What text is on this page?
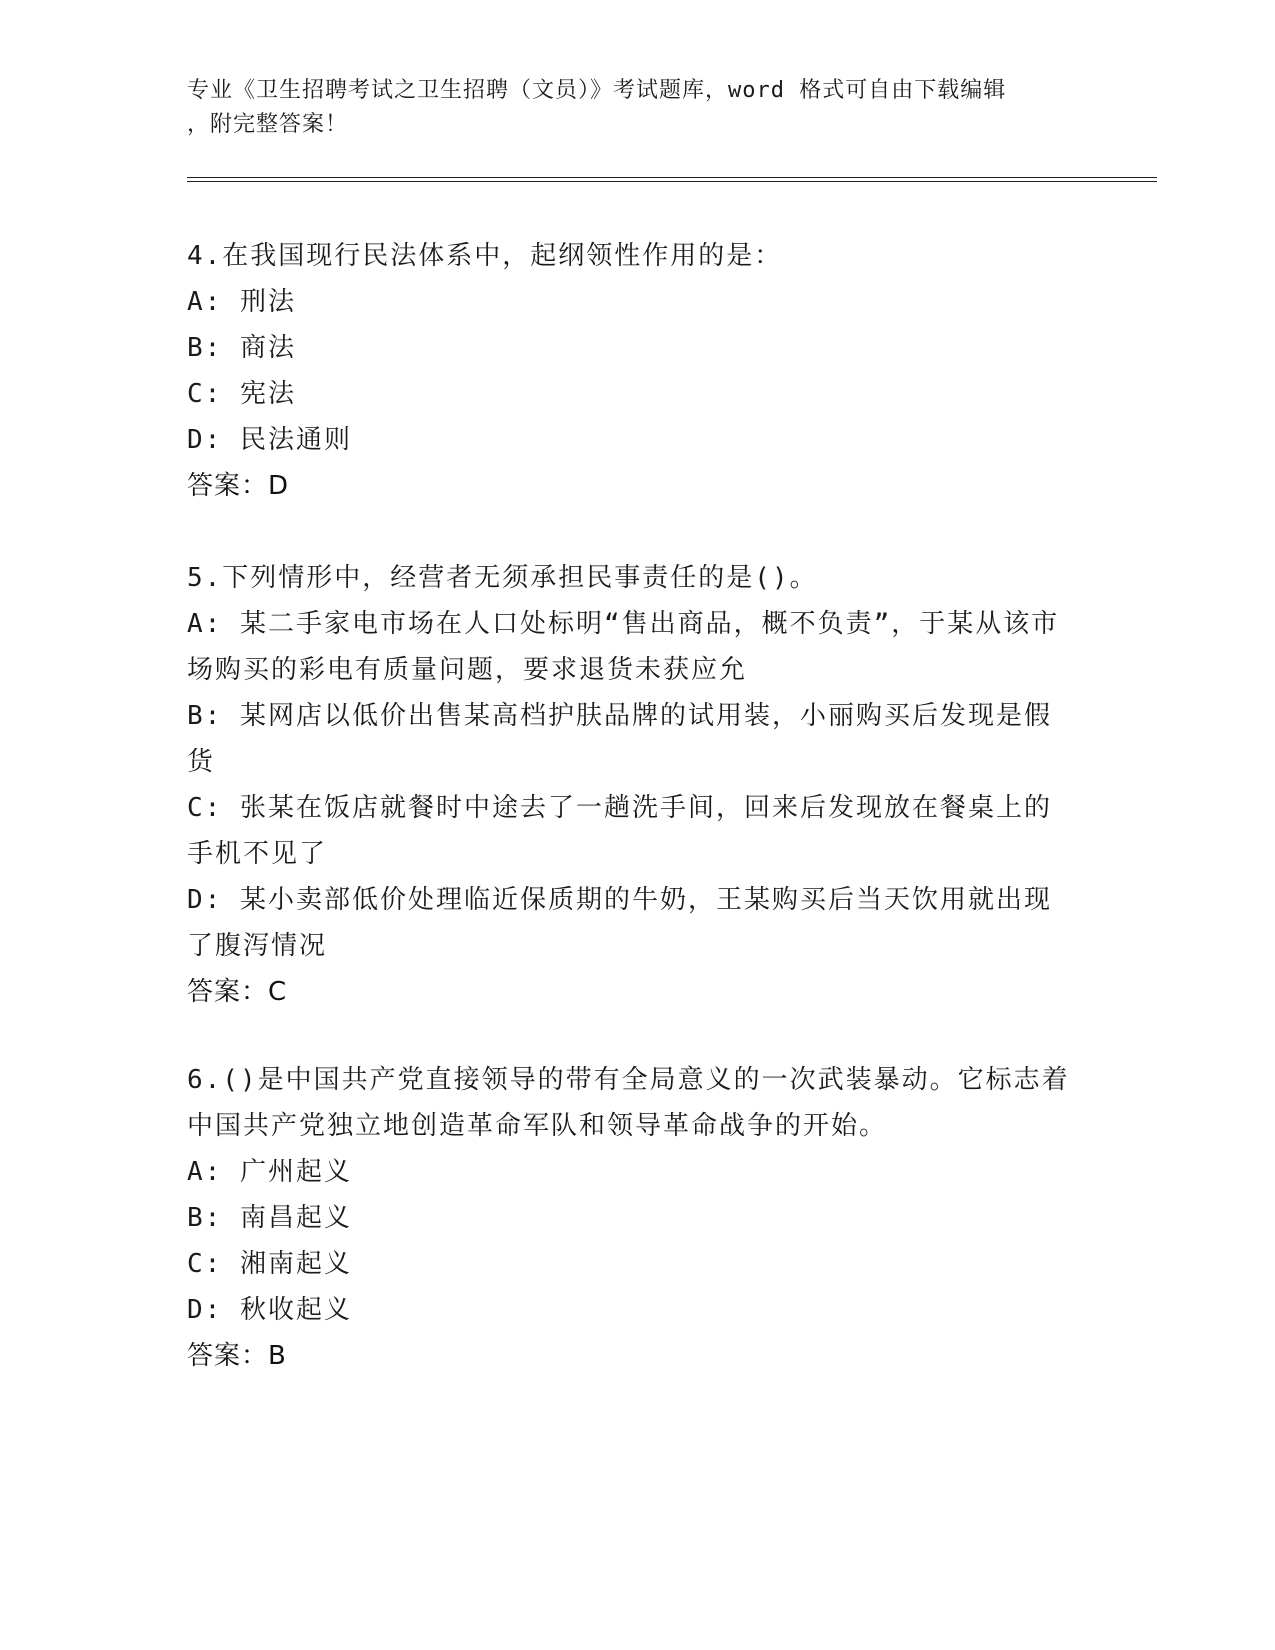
专业《卫生招聘考试之卫生招聘（文员）》考试题库，word 格式可自由下载编辑
，附完整答案！

4.在我国现行民法体系中，起纲领性作用的是：

A: 刑法

B: 商法

C: 宪法

D: 民法通则

答案：D

5.下列情形中，经营者无须承担民事责任的是()。

A: 某二手家电市场在人口处标明“售出商品，概不负责”，于某从该市场购买的彩电有质量问题，要求退货未获应允

B: 某网店以低价出售某高档护肤品牌的试用装，小丽购买后发现是假货

C: 张某在饭店就餐时中途去了一趟洗手间，回来后发现放在餐桌上的手机不见了

D: 某小卖部低价处理临近保质期的牛奶，王某购买后当天饮用就出现了腹泻情况

答案：C

6.()是中国共产党直接领导的带有全局意义的一次武装暴动。它标志着中国共产党独立地创造革命军队和领导革命战争的开始。

A: 广州起义

B: 南昌起义

C: 湘南起义

D: 秋收起义

答案：B
